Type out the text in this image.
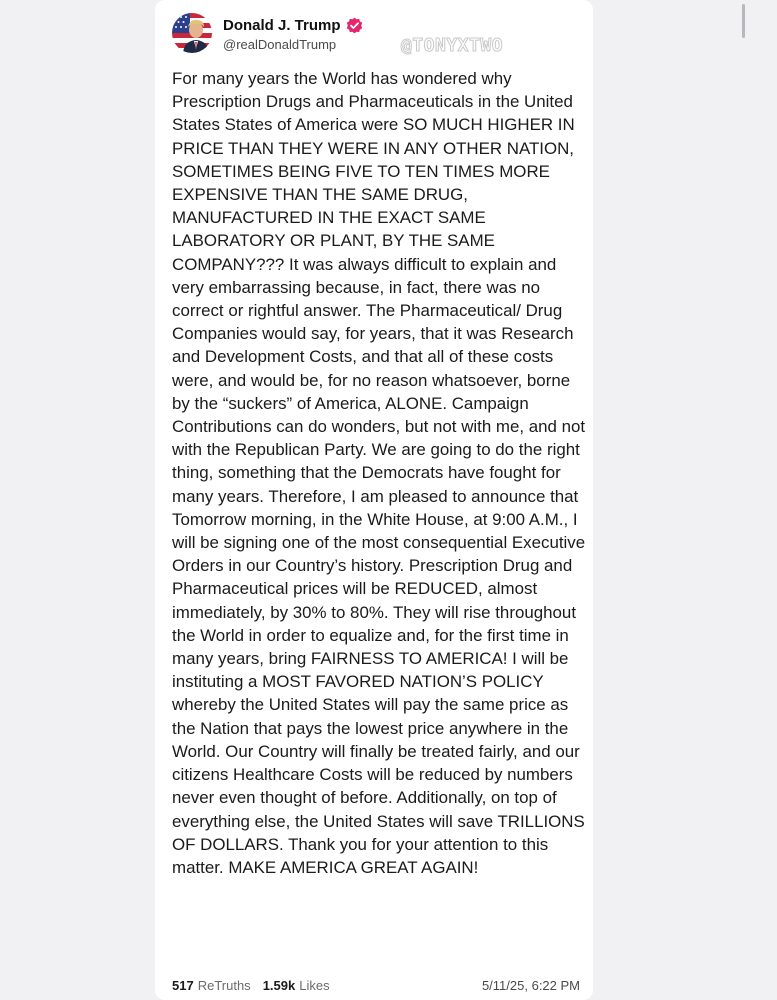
Donald J. Trump
@realDonaldTrump	@TONYXTWO

For many years the World has wondered why Prescription Drugs and Pharmaceuticals in the United States States of America were SO MUCH HIGHER IN PRICE THAN THEY WERE IN ANY OTHER NATION, SOMETIMES BEING FIVE TO TEN TIMES MORE EXPENSIVE THAN THE SAME DRUG, MANUFACTURED IN THE EXACT SAME LABORATORY OR PLANT, BY THE SAME COMPANY??? It was always difficult to explain and very embarrassing because, in fact, there was no correct or rightful answer. The Pharmaceutical/ Drug Companies would say, for years, that it was Research and Development Costs, and that all of these costs were, and would be, for no reason whatsoever, borne by the “suckers” of America, ALONE. Campaign Contributions can do wonders, but not with me, and not with the Republican Party. We are going to do the right thing, something that the Democrats have fought for many years. Therefore, I am pleased to announce that Tomorrow morning, in the White House, at 9:00 A.M., I will be signing one of the most consequential Executive Orders in our Country’s history. Prescription Drug and Pharmaceutical prices will be REDUCED, almost immediately, by 30% to 80%. They will rise throughout the World in order to equalize and, for the first time in many years, bring FAIRNESS TO AMERICA! I will be instituting a MOST FAVORED NATION’S POLICY whereby the United States will pay the same price as the Nation that pays the lowest price anywhere in the World. Our Country will finally be treated fairly, and our citizens Healthcare Costs will be reduced by numbers never even thought of before. Additionally, on top of everything else, the United States will save TRILLIONS OF DOLLARS. Thank you for your attention to this matter. MAKE AMERICA GREAT AGAIN!

517 ReTruths 1.59k Likes	5/11/25, 6:22 PM
